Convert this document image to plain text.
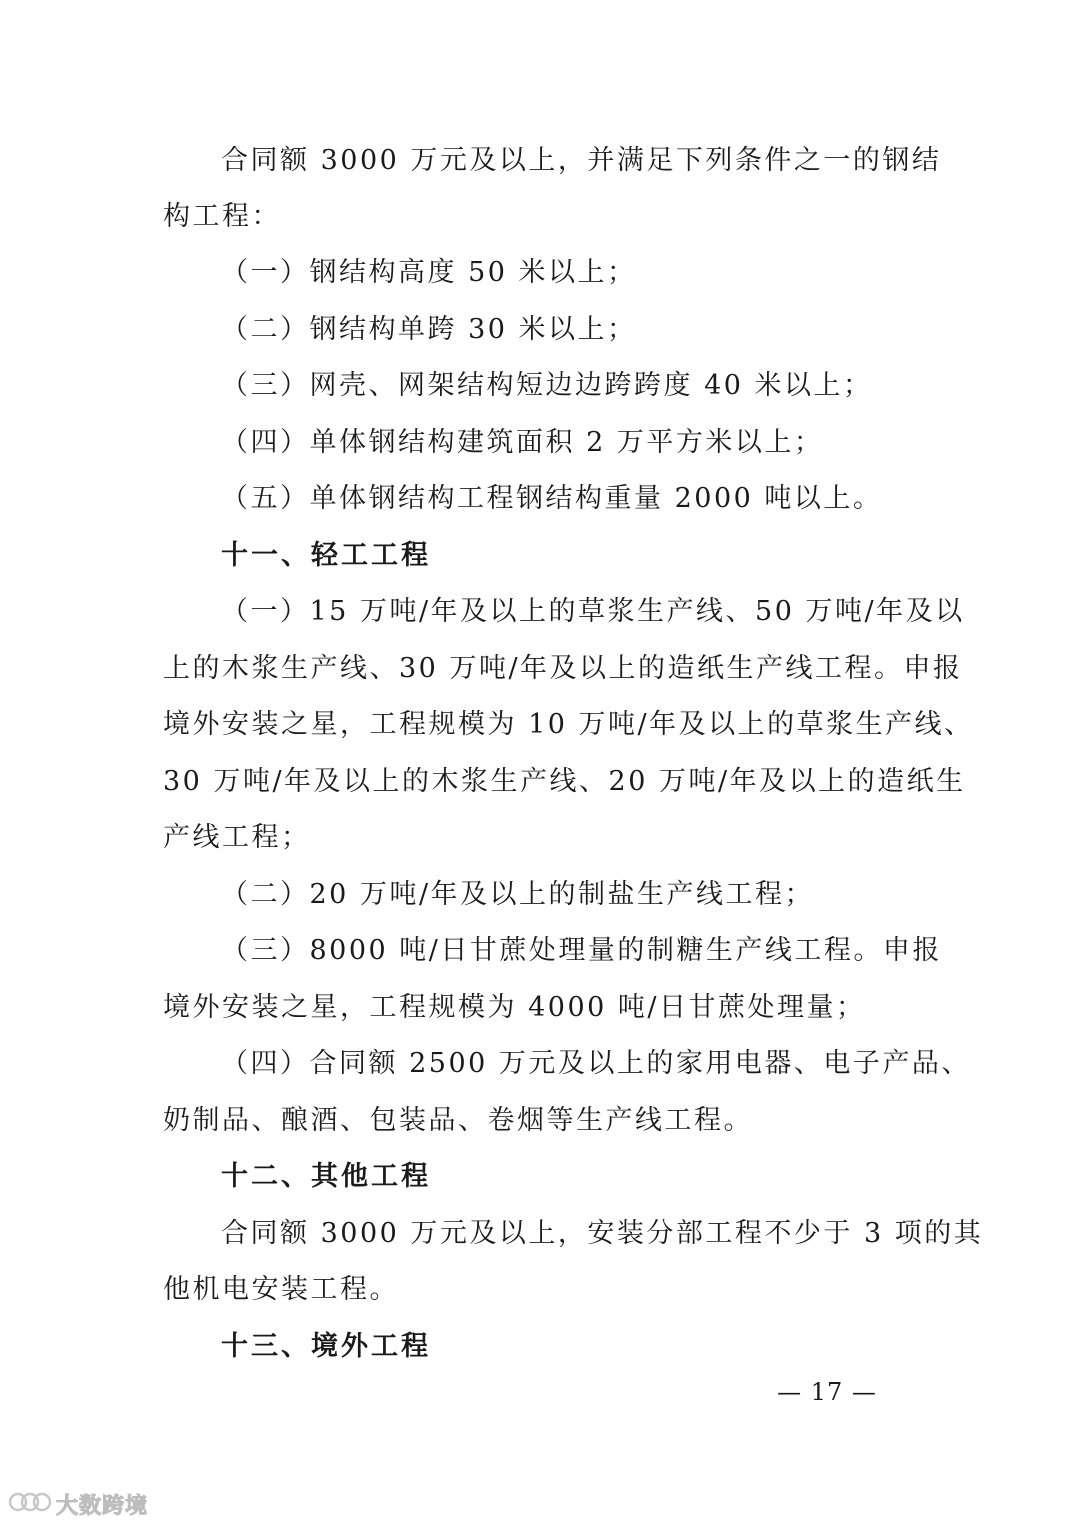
合同额 3000 万元及以上，并满足下列条件之一的钢结
构工程：
（一）钢结构高度 50 米以上；
（二）钢结构单跨 30 米以上；
（三）网壳、网架结构短边边跨跨度 40 米以上；
（四）单体钢结构建筑面积 2 万平方米以上；
（五）单体钢结构工程钢结构重量 2000 吨以上。
十一、轻工工程
（一）15 万吨/年及以上的草浆生产线、50 万吨/年及以
上的木浆生产线、30 万吨/年及以上的造纸生产线工程。申报
境外安装之星，工程规模为 10 万吨/年及以上的草浆生产线、
30 万吨/年及以上的木浆生产线、20 万吨/年及以上的造纸生
产线工程；
（二）20 万吨/年及以上的制盐生产线工程；
（三）8000 吨/日甘蔗处理量的制糖生产线工程。申报
境外安装之星，工程规模为 4000 吨/日甘蔗处理量；
（四）合同额 2500 万元及以上的家用电器、电子产品、
奶制品、酿酒、包装品、卷烟等生产线工程。
十二、其他工程
合同额 3000 万元及以上，安装分部工程不少于 3 项的其
他机电安装工程。
十三、境外工程
— 17 —
大数跨境
